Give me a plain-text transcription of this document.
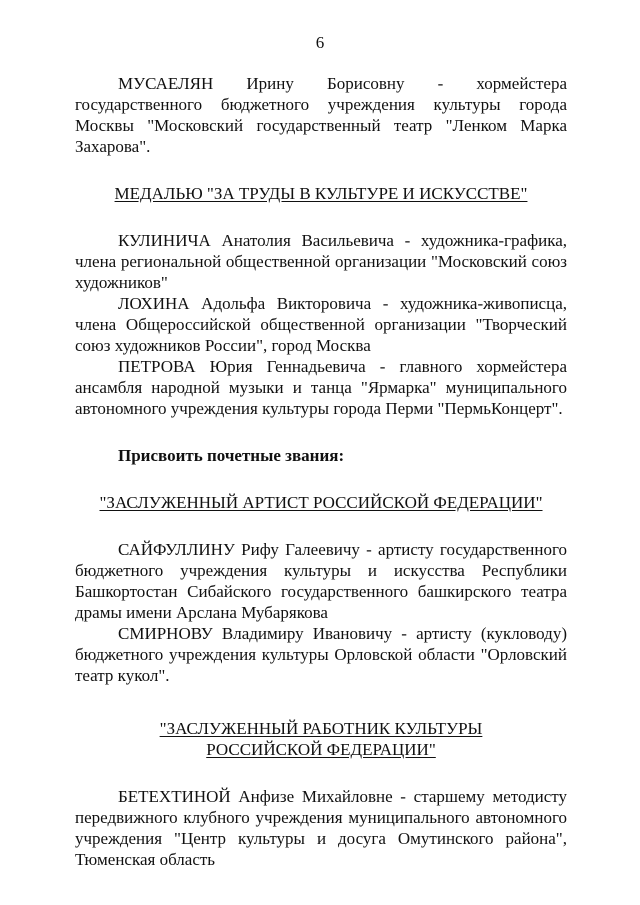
6

МУСАЕЛЯН Ирину Борисовну - хормейстера государственного бюджетного учреждения культуры города Москвы "Московский государственный театр "Ленком Марка Захарова".

МЕДАЛЬЮ "ЗА ТРУДЫ В КУЛЬТУРЕ И ИСКУССТВЕ"

КУЛИНИЧА Анатолия Васильевича - художника-графика, члена региональной общественной организации "Московский союз художников"

ЛОХИНА Адольфа Викторовича - художника-живописца, члена Общероссийской общественной организации "Творческий союз художников России", город Москва

ПЕТРОВА Юрия Геннадьевича - главного хормейстера ансамбля народной музыки и танца "Ярмарка" муниципального автономного учреждения культуры города Перми "ПермьКонцерт".

Присвоить почетные звания:

"ЗАСЛУЖЕННЫЙ АРТИСТ РОССИЙСКОЙ ФЕДЕРАЦИИ"

САЙФУЛЛИНУ Рифу Галеевичу - артисту государственного бюджетного учреждения культуры и искусства Республики Башкортостан Сибайского государственного башкирского театра драмы имени Арслана Мубарякова

СМИРНОВУ Владимиру Ивановичу - артисту (кукловоду) бюджетного учреждения культуры Орловской области "Орловский театр кукол".

"ЗАСЛУЖЕННЫЙ РАБОТНИК КУЛЬТУРЫ
РОССИЙСКОЙ ФЕДЕРАЦИИ"

БЕТЕХТИНОЙ Анфизе Михайловне - старшему методисту передвижного клубного учреждения муниципального автономного учреждения "Центр культуры и досуга Омутинского района", Тюменская область
